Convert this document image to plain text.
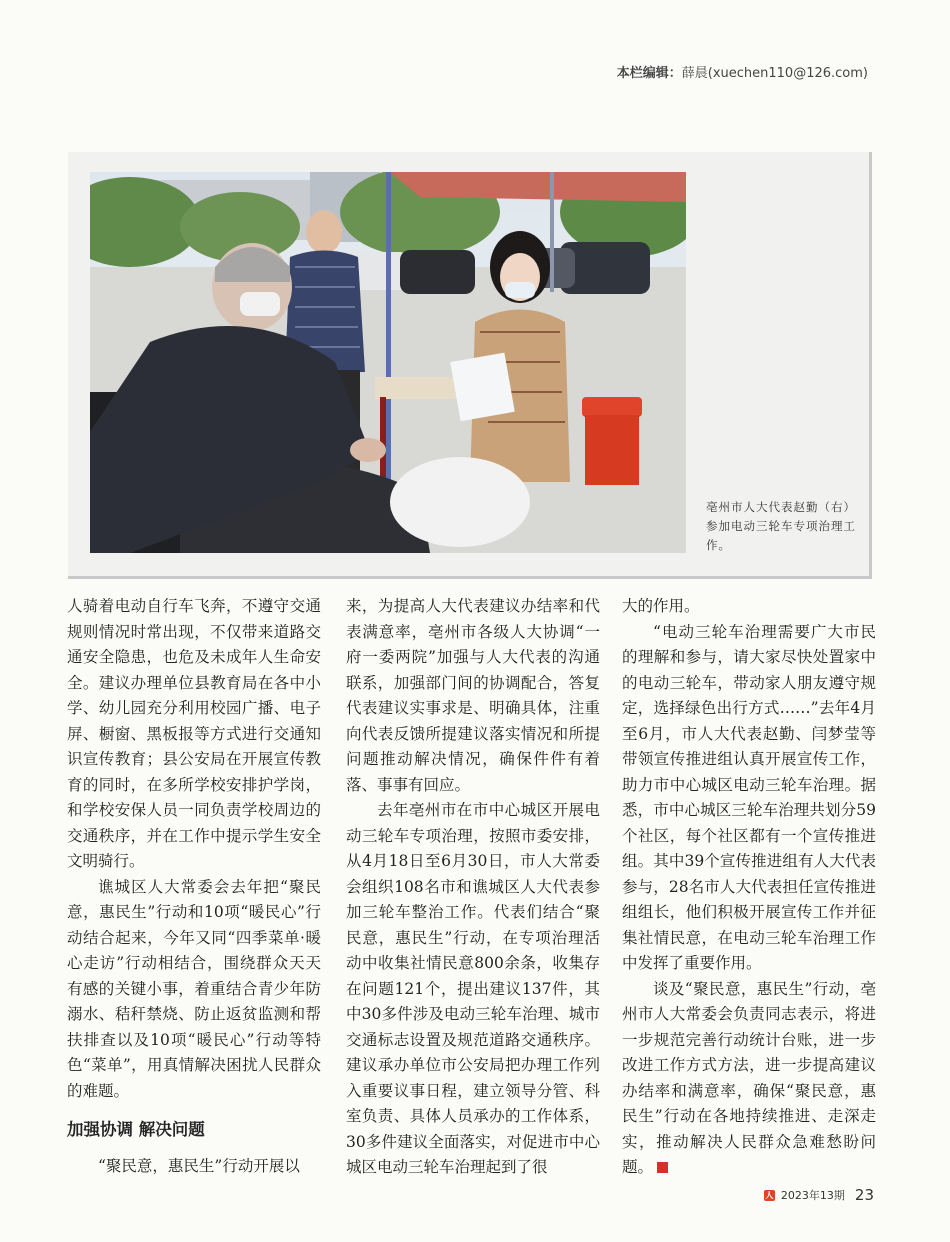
本栏编辑：薛晨(xuechen110@126.com)
亳州市人大代表赵勤（右）参加电动三轮车专项治理工作。

人骑着电动自行车飞奔，不遵守交通规则情况时常出现，不仅带来道路交通安全隐患，也危及未成年人生命安全。建议办理单位县教育局在各中小学、幼儿园充分利用校园广播、电子屏、橱窗、黑板报等方式进行交通知识宣传教育；县公安局在开展宣传教育的同时，在多所学校安排护学岗，和学校安保人员一同负责学校周边的交通秩序，并在工作中提示学生安全文明骑行。

谯城区人大常委会去年把“聚民意，惠民生”行动和10项“暖民心”行动结合起来，今年又同“四季菜单·暖心走访”行动相结合，围绕群众天天有感的关键小事，着重结合青少年防溺水、秸秆禁烧、防止返贫监测和帮扶排查以及10项“暖民心”行动等特色“菜单”，用真情解决困扰人民群众的难题。

加强协调 解决问题

“聚民意，惠民生”行动开展以

来，为提高人大代表建议办结率和代表满意率，亳州市各级人大协调“一府一委两院”加强与人大代表的沟通联系，加强部门间的协调配合，答复代表建议实事求是、明确具体，注重向代表反馈所提建议落实情况和所提问题推动解决情况，确保件件有着落、事事有回应。

去年亳州市在市中心城区开展电动三轮车专项治理，按照市委安排，从4月18日至6月30日，市人大常委会组织108名市和谯城区人大代表参加三轮车整治工作。代表们结合“聚民意，惠民生”行动，在专项治理活动中收集社情民意800余条，收集存在问题121个，提出建议137件，其中30多件涉及电动三轮车治理、城市交通标志设置及规范道路交通秩序。建议承办单位市公安局把办理工作列入重要议事日程，建立领导分管、科室负责、具体人员承办的工作体系，30多件建议全面落实，对促进市中心城区电动三轮车治理起到了很

大的作用。

“电动三轮车治理需要广大市民的理解和参与，请大家尽快处置家中的电动三轮车，带动家人朋友遵守规定，选择绿色出行方式……”去年4月至6月，市人大代表赵勤、闫梦莹等带领宣传推进组认真开展宣传工作，助力市中心城区电动三轮车治理。据悉，市中心城区三轮车治理共划分59个社区，每个社区都有一个宣传推进组。其中39个宣传推进组有人大代表参与，28名市人大代表担任宣传推进组组长，他们积极开展宣传工作并征集社情民意，在电动三轮车治理工作中发挥了重要作用。

谈及“聚民意，惠民生”行动，亳州市人大常委会负责同志表示，将进一步规范完善行动统计台账，进一步改进工作方式方法，进一步提高建议办结率和满意率，确保“聚民意，惠民生”行动在各地持续推进、走深走实，推动解决人民群众急难愁盼问题。

人 2023年13期 23
